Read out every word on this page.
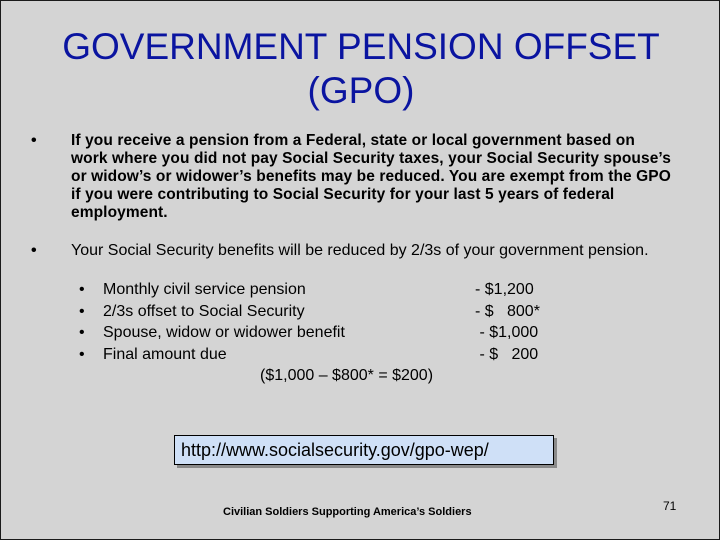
GOVERNMENT PENSION OFFSET
(GPO)
• If you receive a pension from a Federal, state or local government based on work where you did not pay Social Security taxes, your Social Security spouse’s or widow’s or widower’s benefits may be reduced. You are exempt from the GPO if you were contributing to Social Security for your last 5 years of federal employment.
• Your Social Security benefits will be reduced by 2/3s of your government pension.
• Monthly civil service pension	- $1,200
• 2/3s offset to Social Security	- $   800*
• Spouse, widow or widower benefit	- $1,000
• Final amount due	- $   200
($1,000 – $800* = $200)
http://www.socialsecurity.gov/gpo-wep/
Civilian Soldiers Supporting America’s Soldiers	71
